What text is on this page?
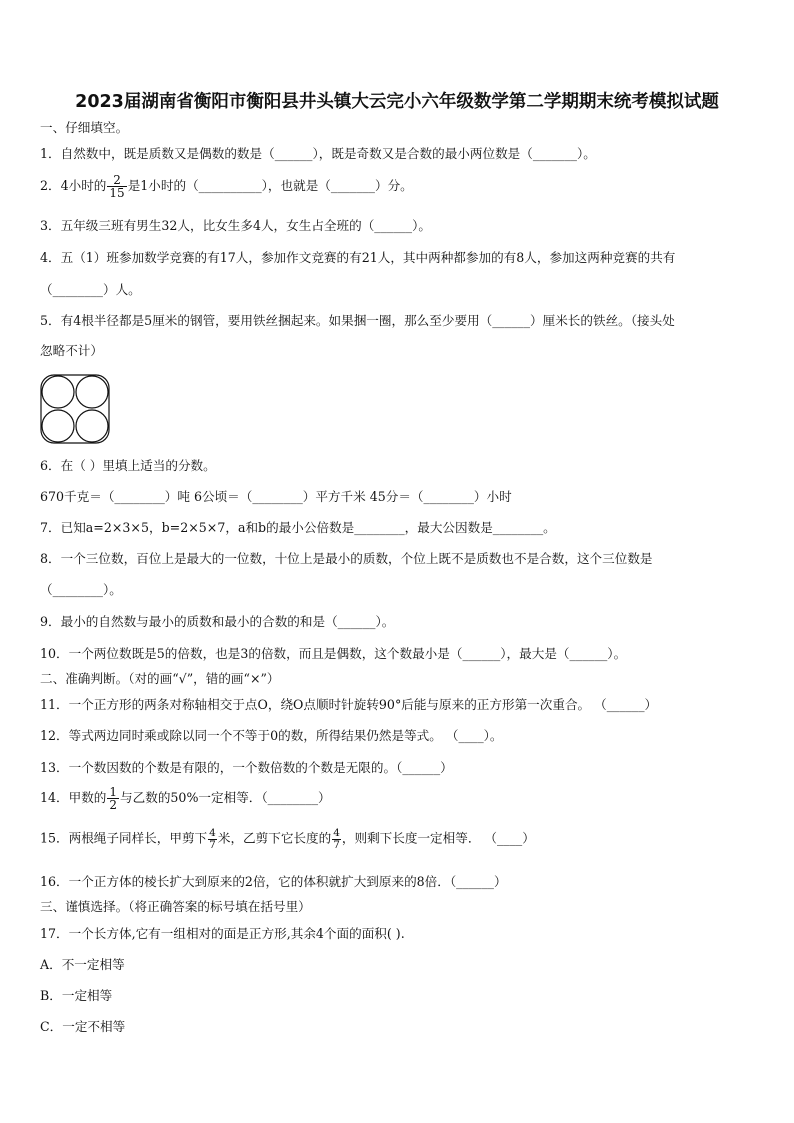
2023届湖南省衡阳市衡阳县井头镇大云完小六年级数学第二学期期末统考模拟试题
一、仔细填空。
1．自然数中，既是质数又是偶数的数是（______），既是奇数又是合数的最小两位数是（_______）。
2．4小时的 $\frac{2}{15}$ 是1小时的（__________），也就是（_______）分。
3．五年级三班有男生32人，比女生多4人，女生占全班的（______）。
4．五（1）班参加数学竞赛的有17人，参加作文竞赛的有21人，其中两种都参加的有8人，参加这两种竞赛的共有
（________）人。
5．有4根半径都是5厘米的钢管，要用铁丝捆起来。如果捆一圈，那么至少要用（______）厘米长的铁丝。（接头处
忽略不计）
6．在（ ）里填上适当的分数。
670千克＝（________）吨 6公顷＝（________）平方千米 45分＝（________）小时
7．已知a=2×3×5，b=2×5×7，a和b的最小公倍数是________，最大公因数是________。
8．一个三位数，百位上是最大的一位数，十位上是最小的质数，个位上既不是质数也不是合数，这个三位数是
（________）。
9．最小的自然数与最小的质数和最小的合数的和是（______）。
10．一个两位数既是5的倍数，也是3的倍数，而且是偶数，这个数最小是（______），最大是（______）。
二、准确判断。（对的画“√”，错的画“×”）
11．一个正方形的两条对称轴相交于点O，绕O点顺时针旋转90°后能与原来的正方形第一次重合。 （______）
12．等式两边同时乘或除以同一个不等于0的数，所得结果仍然是等式。 （____）。
13．一个数因数的个数是有限的，一个数倍数的个数是无限的。（______）
14．甲数的 $\frac{1}{2}$ 与乙数的50%一定相等．（________）
15．两根绳子同样长，甲剪下 $\frac{4}{7}$ 米，乙剪下它长度的 $\frac{4}{7}$ ，则剩下长度一定相等． （____）
16．一个正方体的棱长扩大到原来的2倍，它的体积就扩大到原来的8倍．（______）
三、谨慎选择。（将正确答案的标号填在括号里）
17．一个长方体,它有一组相对的面是正方形,其余4个面的面积( ).
A．不一定相等
B．一定相等
C．一定不相等
